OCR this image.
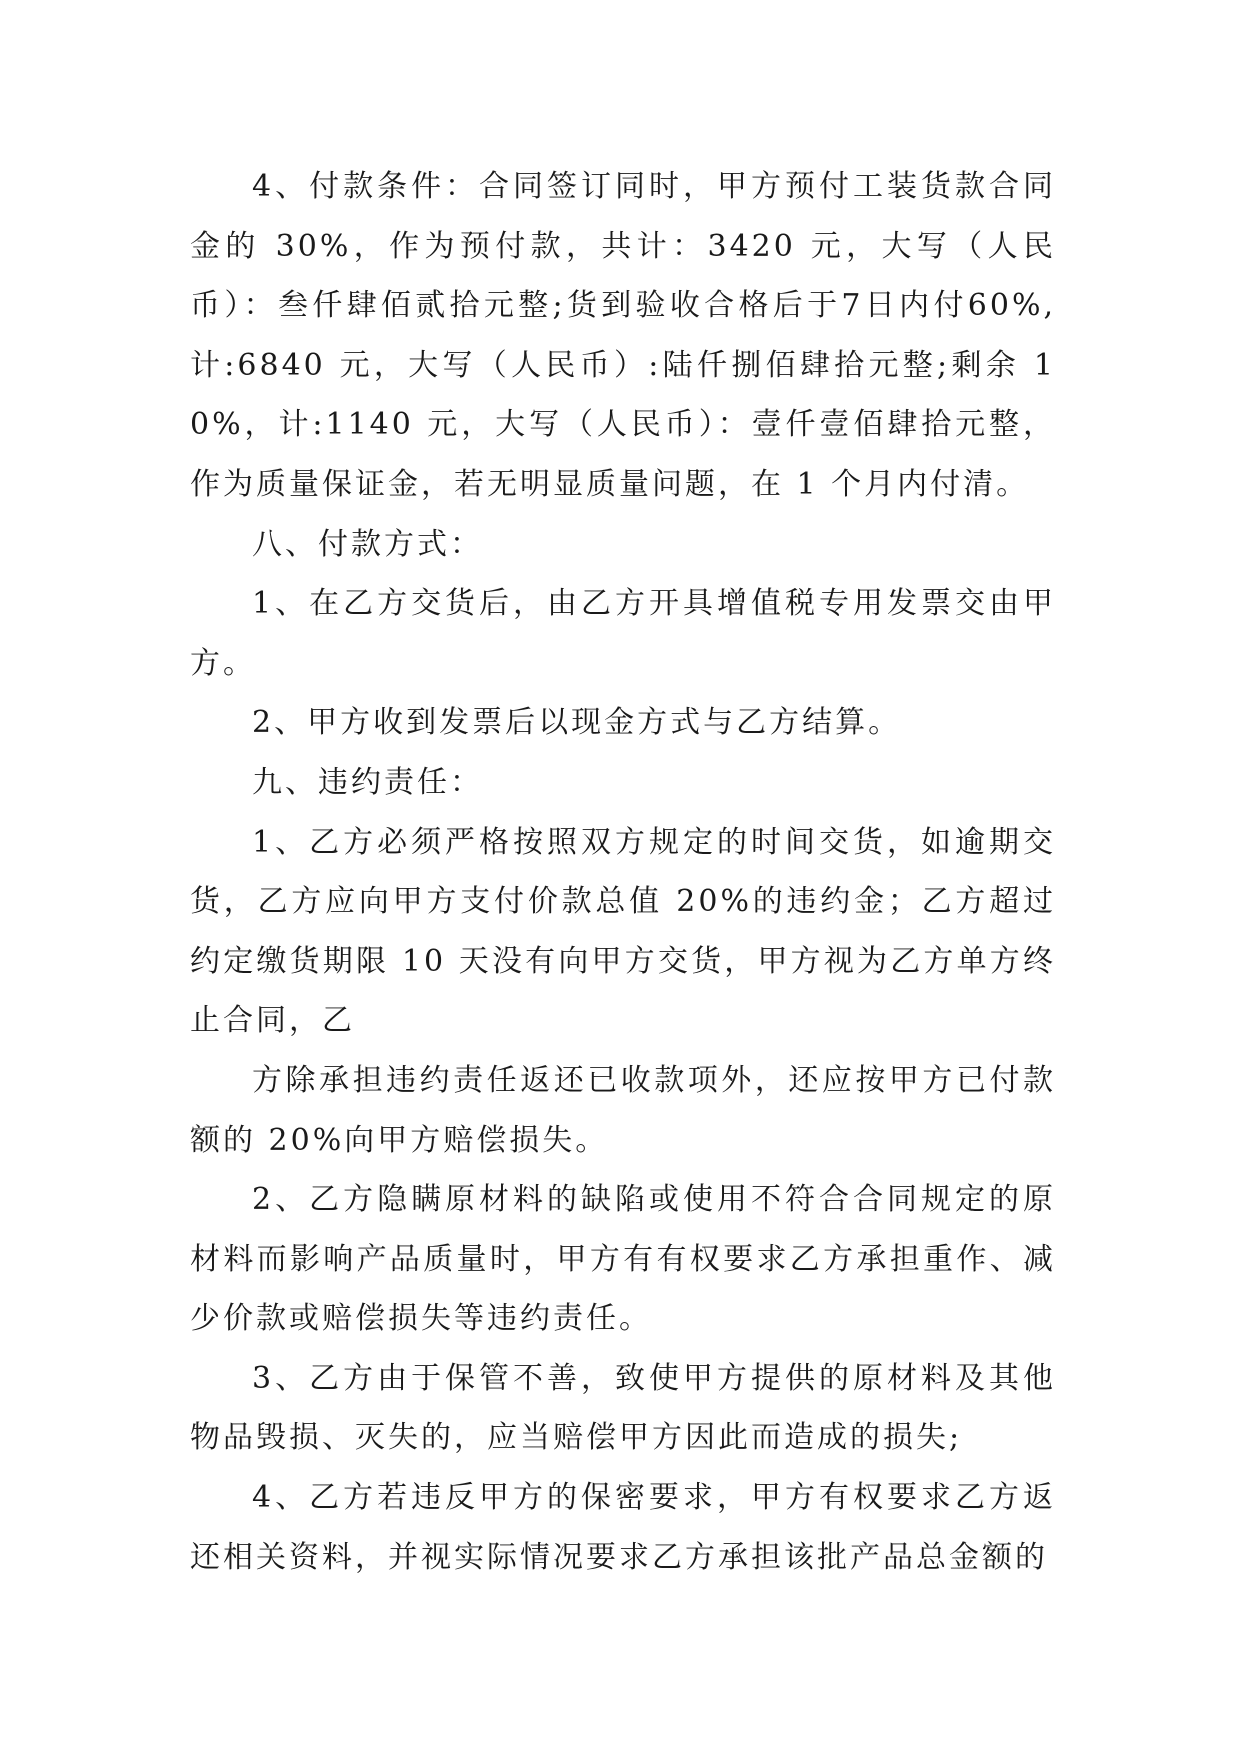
4、付款条件：合同签订同时，甲方预付工装货款合同金的 30%，作为预付款，共计：3420 元，大写（人民币）：叁仟肆佰贰拾元整;货到验收合格后于7日内付60%,计:6840 元，大写（人民币）:陆仟捌佰肆拾元整;剩余 10%，计:1140 元，大写（人民币）：壹仟壹佰肆拾元整，作为质量保证金，若无明显质量问题，在 1 个月内付清。

八、付款方式：

1、在乙方交货后，由乙方开具增值税专用发票交由甲方。

2、甲方收到发票后以现金方式与乙方结算。

九、违约责任：

1、乙方必须严格按照双方规定的时间交货，如逾期交货，乙方应向甲方支付价款总值 20%的违约金；乙方超过约定缴货期限 10 天没有向甲方交货，甲方视为乙方单方终止合同，乙

方除承担违约责任返还已收款项外，还应按甲方已付款额的 20%向甲方赔偿损失。

2、乙方隐瞒原材料的缺陷或使用不符合合同规定的原材料而影响产品质量时，甲方有有权要求乙方承担重作、减少价款或赔偿损失等违约责任。

3、乙方由于保管不善，致使甲方提供的原材料及其他物品毁损、灭失的，应当赔偿甲方因此而造成的损失;

4、乙方若违反甲方的保密要求，甲方有权要求乙方返还相关资料，并视实际情况要求乙方承担该批产品总金额的
